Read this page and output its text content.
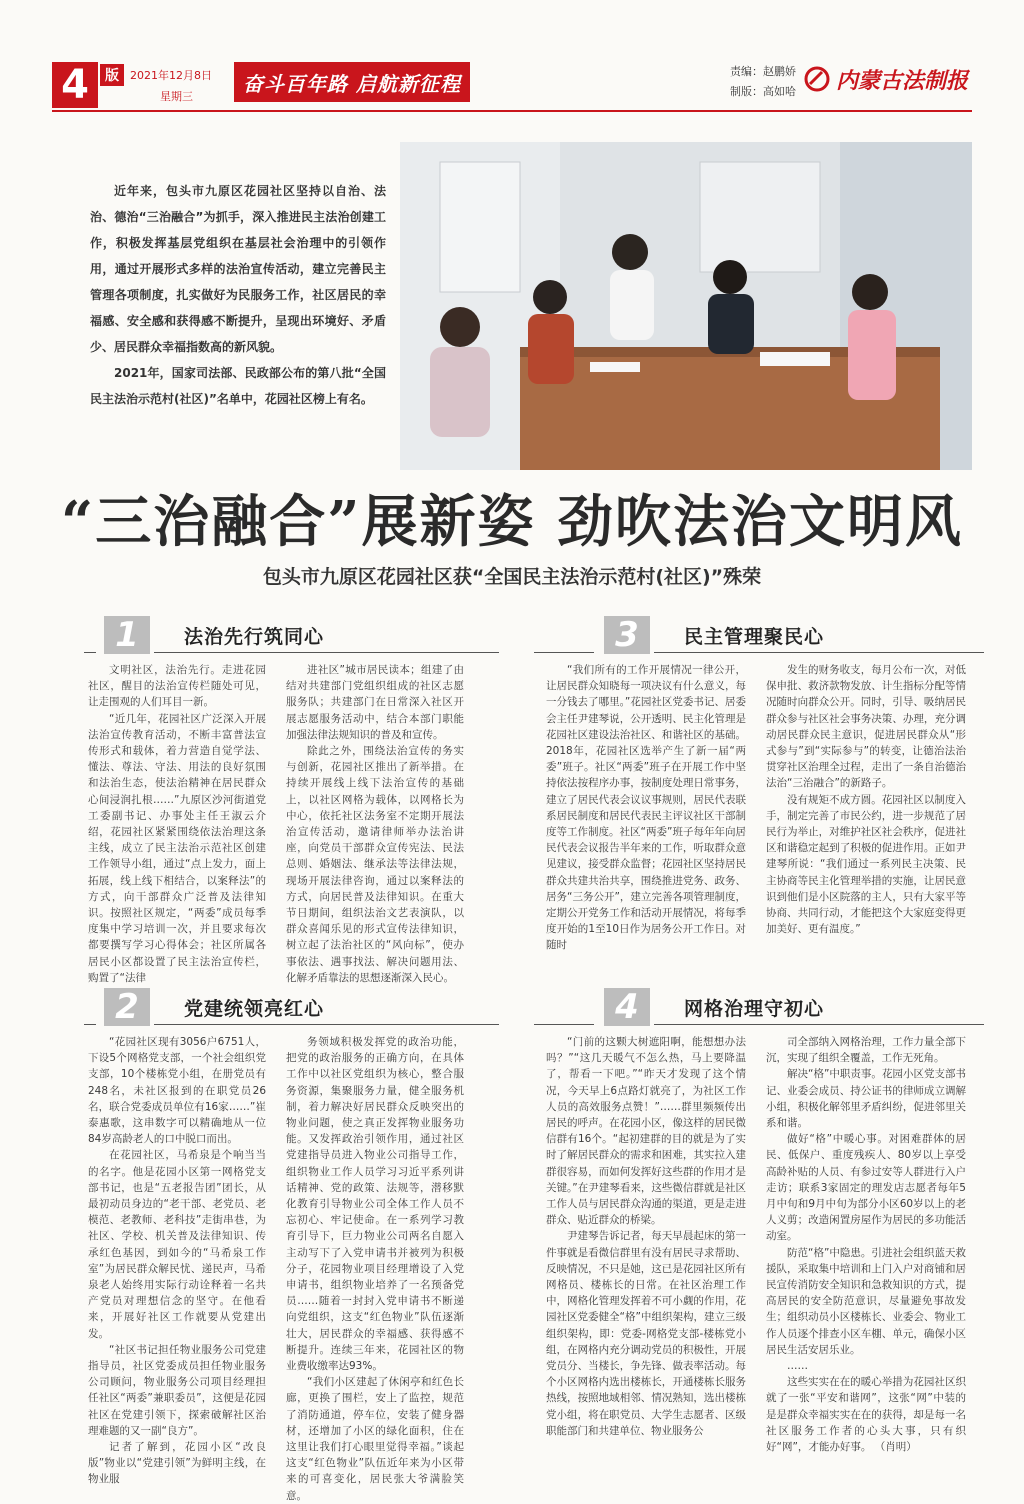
4	版	2021年12月8日
星期三
奋斗百年路 启航新征程	责编：赵鹏娇
制版：高如哈 内蒙古法制报

近年来，包头市九原区花园社区坚持以自治、法治、德治“三治融合”为抓手，深入推进民主法治创建工作，积极发挥基层党组织在基层社会治理中的引领作用，通过开展形式多样的法治宣传活动，建立完善民主管理各项制度，扎实做好为民服务工作，社区居民的幸福感、安全感和获得感不断提升，呈现出环境好、矛盾少、居民群众幸福指数高的新风貌。

2021年，国家司法部、民政部公布的第八批“全国民主法治示范村(社区)”名单中，花园社区榜上有名。

“三治融合”展新姿 劲吹法治文明风
包头市九原区花园社区获“全国民主法治示范村(社区)”殊荣
1	法治先行筑同心

文明社区，法治先行。走进花园社区，醒目的法治宣传栏随处可见，让走围观的人们耳目一新。

“近几年，花园社区广泛深入开展法治宣传教育活动，不断丰富普法宣传形式和载体，着力营造自觉学法、懂法、尊法、守法、用法的良好氛围和法治生态，使法治精神在居民群众心间浸润扎根……”九原区沙河街道党工委副书记、办事处主任王淑云介绍，花园社区紧紧围绕依法治理这条主线，成立了民主法治示范社区创建工作领导小组，通过“点上发力，面上拓展，线上线下相结合，以案释法”的方式，向干部群众广泛普及法律知识。按照社区规定，“两委”成员每季度集中学习培训一次，并且要求每次都要撰写学习心得体会；社区所属各居民小区都设置了民主法治宣传栏，购置了“法律

进社区”城市居民读本；组建了由结对共建部门党组织组成的社区志愿服务队；共建部门在日常深入社区开展志愿服务活动中，结合本部门职能加强法律法规知识的普及和宣传。

除此之外，围绕法治宣传的务实与创新，花园社区推出了新举措。在持续开展线上线下法治宣传的基础上，以社区网格为载体，以网格长为中心，依托社区法务室不定期开展法治宣传活动，邀请律师举办法治讲座，向党员干部群众宣传宪法、民法总则、婚姻法、继承法等法律法规，现场开展法律咨询，通过以案释法的方式，向居民普及法律知识。在重大节日期间，组织法治文艺表演队，以群众喜闻乐见的形式宣传法律知识，树立起了法治社区的“风向标”，使办事依法、遇事找法、解决问题用法、化解矛盾靠法的思想逐渐深入民心。

3	民主管理聚民心

“我们所有的工作开展情况一律公开，让居民群众知晓每一项决议有什么意义，每一分钱去了哪里。”花园社区党委书记、居委会主任尹建琴说，公开透明、民主化管理是花园社区建设法治社区、和谐社区的基础。2018年，花园社区选举产生了新一届“两委”班子。社区“两委”班子在开展工作中坚持依法按程序办事，按制度处理日常事务，建立了居民代表会议议事规则，居民代表联系居民制度和居民代表民主评议社区干部制度等工作制度。社区“两委”班子每年年向居民代表会议报告半年来的工作，听取群众意见建议，接受群众监督；花园社区坚持居民群众共建共治共享，围绕推进党务、政务、居务“三务公开”，建立完善各项管理制度，定期公开党务工作和活动开展情况，将每季度开始的1至10日作为居务公开工作日。对随时

发生的财务收支，每月公布一次，对低保申批、救济款物发放、计生指标分配等情况随时向群众公开。同时，引导、吸纳居民群众参与社区社会事务决策、办理，充分调动居民群众民主意识，促进居民群众从“形式参与”到“实际参与”的转变，让德治法治贯穿社区治理全过程，走出了一条自治德治法治“三治融合”的新路子。

没有规矩不成方圆。花园社区以制度入手，制定完善了市民公约，进一步规范了居民行为举止，对维护社区社会秩序，促进社区和谐稳定起到了积极的促进作用。正如尹建琴所说：“我们通过一系列民主决策、民主协商等民主化管理举措的实施，让居民意识到他们是小区院落的主人，只有大家平等协商、共同行动，才能把这个大家庭变得更加美好、更有温度。”

2	党建统领亮红心

“花园社区现有3056户6751人，下设5个网格党支部，一个社会组织党支部，10个楼栋党小组，在册党员有248名，未社区报到的在职党员26名，联合党委成员单位有16家……”崔泰惠歌，这串数字可以精确地从一位84岁高龄老人的口中脱口而出。

在花园社区，马希泉是个响当当的名字。他是花园小区第一网格党支部书记，也是“五老报告团”团长，从最初动员身边的“老干部、老党员、老模范、老教师、老科技”走街串巷，为社区、学校、机关普及法律知识、传承红色基因，到如今的“马希泉工作室”为居民群众解民忧、递民声，马希泉老人始终用实际行动诠释着一名共产党员对理想信念的坚守。在他看来，开展好社区工作就要从党建出发。

“社区书记担任物业服务公司党建指导员，社区党委成员担任物业服务公司顾问，物业服务公司项目经理担任社区“两委”兼职委员”，这便是花园社区在党建引领下，探索破解社区治理难题的又一副“良方”。

记者了解到，花园小区“改良版”物业以“党建引领”为鲜明主线，在物业服

务领域积极发挥党的政治功能，把党的政治服务的正确方向，在具体工作中以社区党组织为核心，整合服务资源，集聚服务力量，健全服务机制，着力解决好居民群众反映突出的物业问题，使之真正发挥物业服务功能。又发挥政治引领作用，通过社区党建指导员进入物业公司指导工作，组织物业工作人员学习习近平系列讲话精神、党的政策、法规等，潜移默化教育引导物业公司全体工作人员不忘初心、牢记使命。在一系列学习教育引导下，巨力物业公司两名自愿入主动写下了入党申请书并被列为积极分子，花园物业项目经理增设了入党申请书，组织物业培养了一名预备党员……随着一封封入党申请书不断递向党组织，这支“红色物业”队伍逐渐壮大，居民群众的幸福感、获得感不断提升。连续三年来，花园社区的物业费收缴率达93%。

“我们小区建起了休闲亭和红色长廊，更换了围栏，安上了监控，规范了消防通道，停车位，安装了健身器材，还增加了小区的绿化面积，住在这里让我们打心眼里觉得幸福。”谈起这支“红色物业”队伍近年来为小区带来的可喜变化，居民张大爷满脸笑意。

4	网格治理守初心

“门前的这颗大树遮阳啊，能想想办法吗？”“这几天暖气不怎么热，马上要降温了，帮看一下吧。”“昨天才发现了这个情况，今天早上6点路灯就亮了，为社区工作人员的高效服务点赞！”……群里频频传出居民的呼声。在花园小区，像这样的居民微信群有16个。“起初建群的目的就是为了实时了解居民群众的需求和困难，其实拉入建群很容易，而如何发挥好这些群的作用才是关键。”在尹建琴看来，这些微信群就是社区工作人员与居民群众沟通的渠道，更是走进群众、贴近群众的桥梁。

尹建琴告诉记者，每天早晨起床的第一件事就是看微信群里有没有居民寻求帮助、反映情况，不只是她，这已是花园社区所有网格员、楼栋长的日常。在社区治理工作中，网格化管理发挥着不可小觑的作用，花园社区党委健全“格”中组织架构，建立三级组织架构，即：党委-网格党支部-楼栋党小组，在网格内充分调动党员的积极性，开展党员分、当楼长，争先锋、做表率活动。每个小区网格内选出楼栋长，开通楼栋长服务热线，按照地域相邻、情况熟知，选出楼栋党小组，将在职党员、大学生志愿者、区级职能部门和共建单位、物业服务公

司全部纳入网格治理，工作力量全部下沉，实现了组织全覆盖，工作无死角。

解决“格”中职责事。花园小区党支部书记、业委会成员、持公证书的律师成立调解小组，积极化解邻里矛盾纠纷，促进邻里关系和谐。

做好“格”中暖心事。对困难群体的居民、低保户、重度残疾人、80岁以上享受高龄补贴的人员、有参过安等人群进行入户走访；联系3家固定的理发店志愿者每年5月中旬和9月中旬为部分小区60岁以上的老人义剪；改造闲置房屋作为居民的多功能活动室。

防范“格”中隐患。引进社会组织蓝天救援队，采取集中培训和上门入户对商铺和居民宣传消防安全知识和急救知识的方式，提高居民的安全防范意识，尽量避免事故发生；组织动员小区楼栋长、业委会、物业工作人员逐个排查小区车棚、单元，确保小区居民生活安居乐业。

……

这些实实在在的暖心举措为花园社区织就了一张“平安和谐网”，这张“网”中装的是是群众幸福实实在在的获得，却是每一名社区服务工作者的心头大事，只有织好“网”，才能办好事。 （肖明）
